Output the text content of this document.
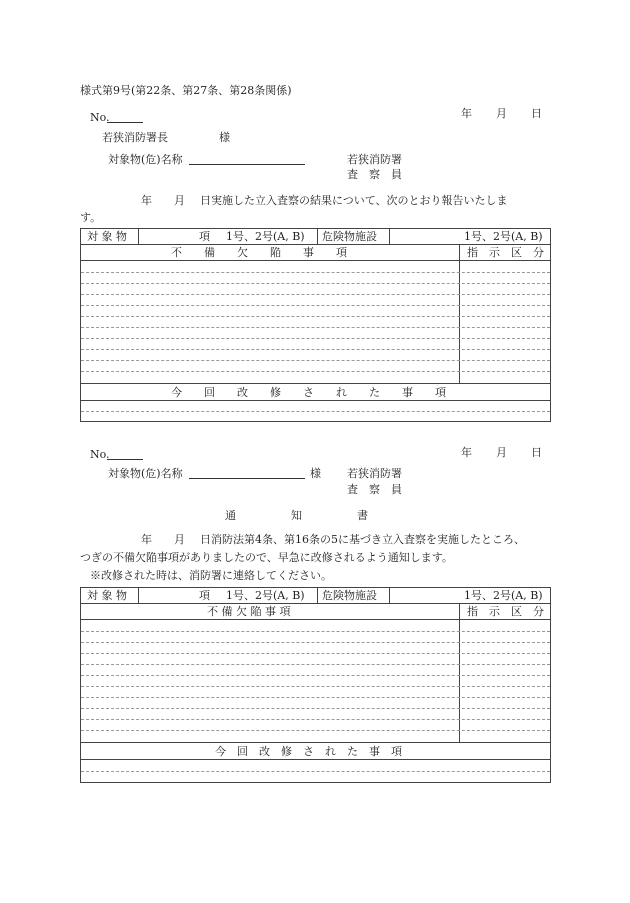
様式第9号(第22条、第27条、第28条関係)
No.	年 月 日
若狭消防署長	様
対象物(危)名称	若狭消防署
査　察　員
年 月 日実施した立入査察の結果について、次のとおり報告いたしま
す。
対 象 物	項 1号、2号(A, B) 危険物施設	1号、2号(A, B)
不　　備　　欠　　陥　　事　　項	指　示　区　分
今　　回　　改　　修　　さ　　れ　　た　　事　　項
No.	年 月 日
対象物(危)名称	様 若狭消防署
査　察　員
通　　　　　知　　　　　書
年 月 日消防法第4条、第16条の5に基づき立入査察を実施したところ、
つぎの不備欠陥事項がありましたので、早急に改修されるよう通知します。
※改修された時は、消防署に連絡してください。
対 象 物	項 1号、2号(A, B) 危険物施設	1号、2号(A, B)
不 備 欠 陥 事 項	指　示　区　分
今　回　改　修　さ　れ　た　事　項
